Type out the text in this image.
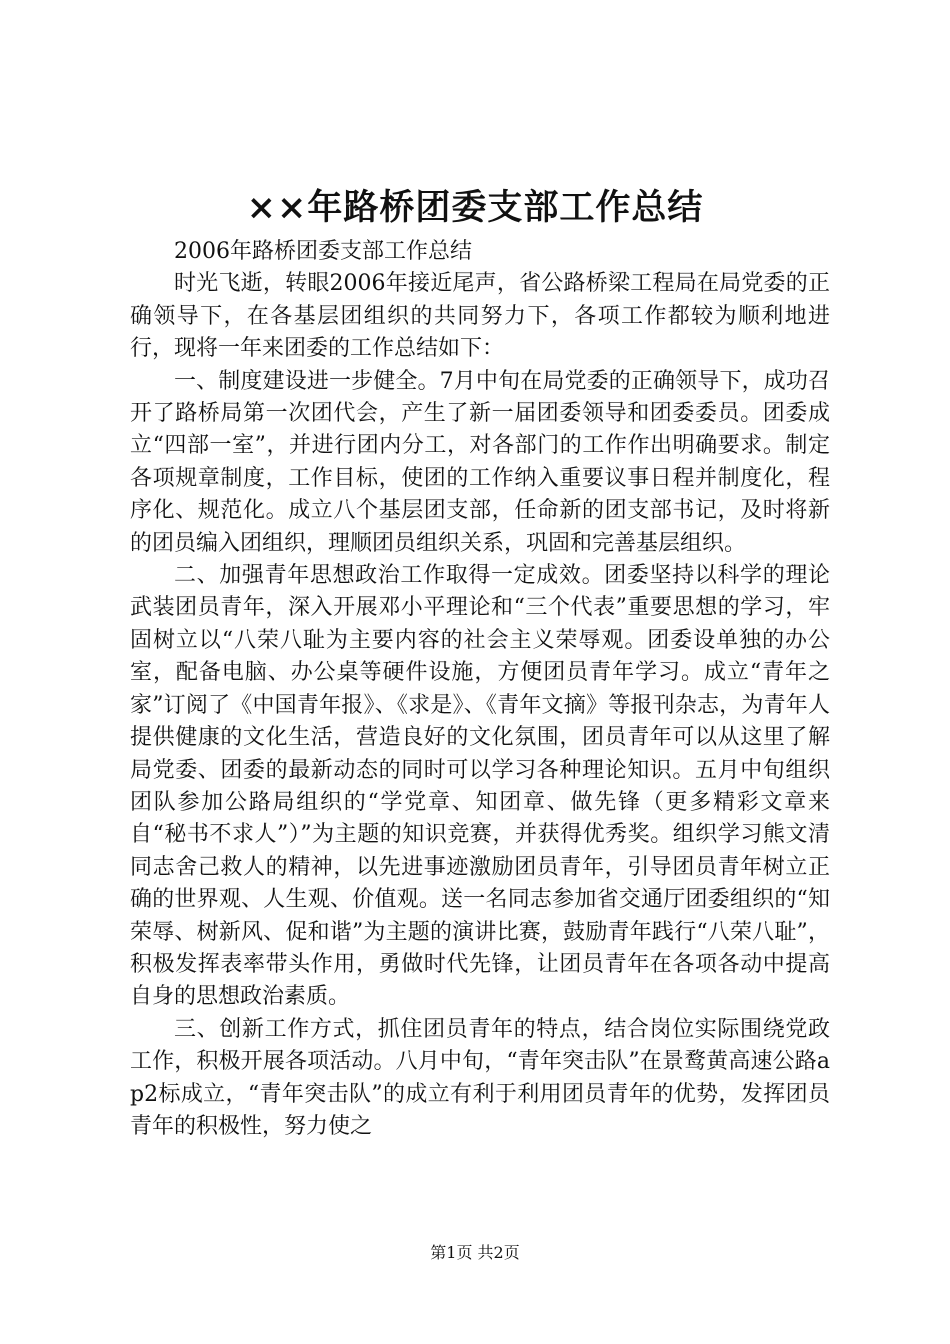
××年路桥团委支部工作总结

2006年路桥团委支部工作总结

时光飞逝，转眼2006年接近尾声，省公路桥梁工程局在局党委的正确领导下，在各基层团组织的共同努力下，各项工作都较为顺利地进行，现将一年来团委的工作总结如下：

一、制度建设进一步健全。7月中旬在局党委的正确领导下，成功召开了路桥局第一次团代会，产生了新一届团委领导和团委委员。团委成立“四部一室”，并进行团内分工，对各部门的工作作出明确要求。制定各项规章制度，工作目标，使团的工作纳入重要议事日程并制度化，程序化、规范化。成立八个基层团支部，任命新的团支部书记，及时将新的团员编入团组织，理顺团员组织关系，巩固和完善基层组织。

二、加强青年思想政治工作取得一定成效。团委坚持以科学的理论武装团员青年，深入开展邓小平理论和“三个代表”重要思想的学习，牢固树立以“八荣八耻为主要内容的社会主义荣辱观。团委设单独的办公室，配备电脑、办公桌等硬件设施，方便团员青年学习。成立“青年之家”订阅了《中国青年报》、《求是》、《青年文摘》等报刊杂志，为青年人提供健康的文化生活，营造良好的文化氛围，团员青年可以从这里了解局党委、团委的最新动态的同时可以学习各种理论知识。五月中旬组织团队参加公路局组织的“学党章、知团章、做先锋（更多精彩文章来自“秘书不求人”）”为主题的知识竞赛，并获得优秀奖。组织学习熊文清同志舍己救人的精神，以先进事迹激励团员青年，引导团员青年树立正确的世界观、人生观、价值观。送一名同志参加省交通厅团委组织的“知荣辱、树新风、促和谐”为主题的演讲比赛，鼓励青年践行“八荣八耻”，积极发挥表率带头作用，勇做时代先锋，让团员青年在各项各动中提高自身的思想政治素质。

三、创新工作方式，抓住团员青年的特点，结合岗位实际围绕党政工作，积极开展各项活动。八月中旬，“青年突击队”在景鹜黄高速公路ap2标成立，“青年突击队”的成立有利于利用团员青年的优势，发挥团员青年的积极性，努力使之

第1页 共2页
